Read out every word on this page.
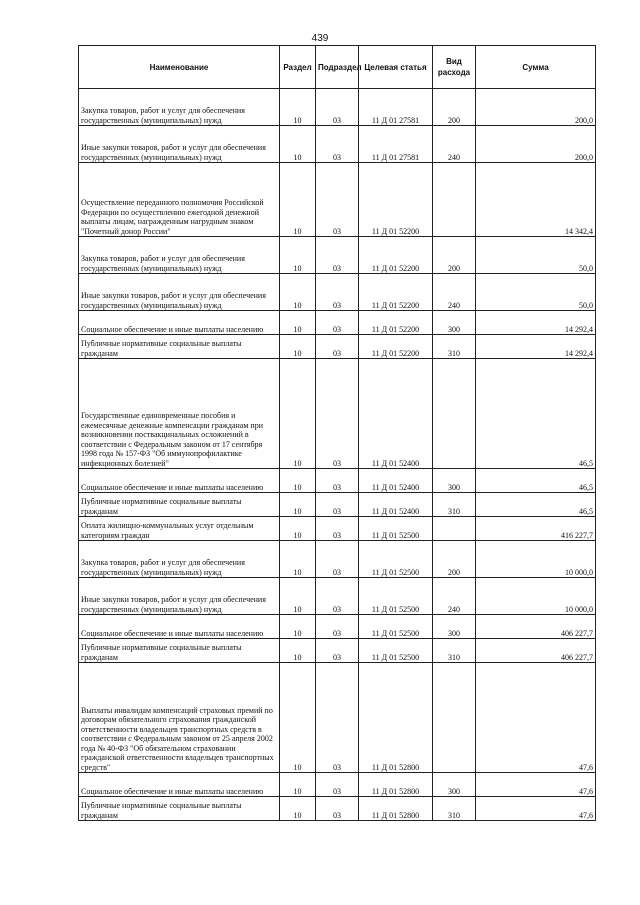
439
Наименование	Раздел	Подраздел	Целевая статья	Вид расхода	Сумма
Закупка товаров, работ и услуг для обеспечения государственных (муниципальных) нужд	10	03	11 Д 01 27581	200	200,0
Иные закупки товаров, работ и услуг для обеспечения государственных (муниципальных) нужд	10	03	11 Д 01 27581	240	200,0
Осуществление переданного полномочия Российской Федерации по осуществлению ежегодной денежной выплаты лицам, награжденным нагрудным знаком "Почетный донор России"	10	03	11 Д 01 52200		14 342,4
Закупка товаров, работ и услуг для обеспечения государственных (муниципальных) нужд	10	03	11 Д 01 52200	200	50,0
Иные закупки товаров, работ и услуг для обеспечения государственных (муниципальных) нужд	10	03	11 Д 01 52200	240	50,0
Социальное обеспечение и иные выплаты населению	10	03	11 Д 01 52200	300	14 292,4
Публичные нормативные социальные выплаты гражданам	10	03	11 Д 01 52200	310	14 292,4
Государственные единовременные пособия и ежемесячные денежные компенсации гражданам при возникновении поствакцинальных осложнений в соответствии с Федеральным законом от 17 сентября 1998 года № 157-ФЗ "Об иммунопрофилактике инфекционных болезней"	10	03	11 Д 01 52400		46,5
Социальное обеспечение и иные выплаты населению	10	03	11 Д 01 52400	300	46,5
Публичные нормативные социальные выплаты гражданам	10	03	11 Д 01 52400	310	46,5
Оплата жилищно-коммунальных услуг отдельным категориям граждан	10	03	11 Д 01 52500		416 227,7
Закупка товаров, работ и услуг для обеспечения государственных (муниципальных) нужд	10	03	11 Д 01 52500	200	10 000,0
Иные закупки товаров, работ и услуг для обеспечения государственных (муниципальных) нужд	10	03	11 Д 01 52500	240	10 000,0
Социальное обеспечение и иные выплаты населению	10	03	11 Д 01 52500	300	406 227,7
Публичные нормативные социальные выплаты гражданам	10	03	11 Д 01 52500	310	406 227,7
Выплаты инвалидам компенсаций страховых премий по договорам обязательного страхования гражданской ответственности владельцев транспортных средств в соответствии с Федеральным законом от 25 апреля 2002 года № 40-ФЗ "Об обязательном страховании гражданской ответственности владельцев транспортных средств"	10	03	11 Д 01 52800		47,6
Социальное обеспечение и иные выплаты населению	10	03	11 Д 01 52800	300	47,6
Публичные нормативные социальные выплаты гражданам	10	03	11 Д 01 52800	310	47,6
